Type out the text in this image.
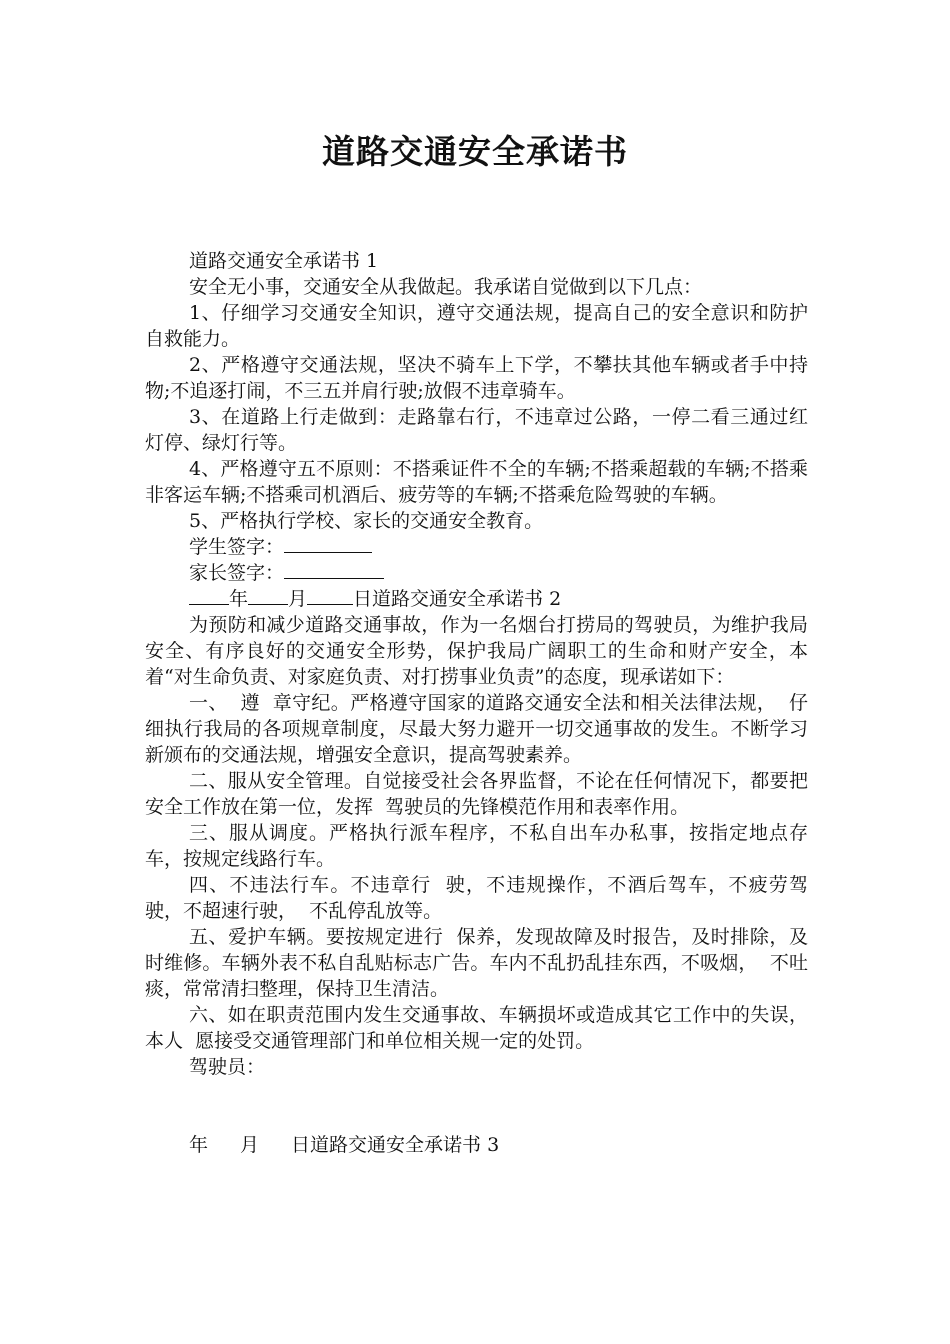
道路交通安全承诺书

道路交通安全承诺书 1

安全无小事，交通安全从我做起。我承诺自觉做到以下几点：

1、仔细学习交通安全知识，遵守交通法规，提高自己的安全意识和防护自救能力。

2、严格遵守交通法规，坚决不骑车上下学，不攀扶其他车辆或者手中持物;不追逐打闹，不三五并肩行驶;放假不违章骑车。

3、在道路上行走做到：走路靠右行，不违章过公路，一停二看三通过红灯停、绿灯行等。

4、严格遵守五不原则：不搭乘证件不全的车辆;不搭乘超载的车辆;不搭乘非客运车辆;不搭乘司机酒后、疲劳等的车辆;不搭乘危险驾驶的车辆。

5、严格执行学校、家长的交通安全教育。

学生签字：

家长签字：

年 月 日道路交通安全承诺书 2

为预防和减少道路交通事故，作为一名烟台打捞局的驾驶员，为维护我局安全、有序良好的交通安全形势，保护我局广阔职工的生命和财产安全，本着“对生命负责、对家庭负责、对打捞事业负责”的态度，现承诺如下：

一、  遵  章守纪。严格遵守国家的道路交通安全法和相关法律法规，  仔细执行我局的各项规章制度，尽最大努力避开一切交通事故的发生。不断学习新颁布的交通法规，增强安全意识，提高驾驶素养。

二、服从安全管理。自觉接受社会各界监督，不论在任何情况下，都要把安全工作放在第一位，发挥  驾驶员的先锋模范作用和表率作用。

三、服从调度。严格执行派车程序，不私自出车办私事，按指定地点存车，按规定线路行车。

四、不违法行车。不违章行  驶，不违规操作，不酒后驾车，不疲劳驾驶，不超速行驶，  不乱停乱放等。

五、爱护车辆。要按规定进行  保养，发现故障及时报告，及时排除，及时维修。车辆外表不私自乱贴标志广告。车内不乱扔乱挂东西，不吸烟，  不吐痰，常常清扫整理，保持卫生清洁。

六、如在职责范围内发生交通事故、车辆损坏或造成其它工作中的失误，本人  愿接受交通管理部门和单位相关规一定的处罚。

驾驶员：

年 月 日道路交通安全承诺书 3
